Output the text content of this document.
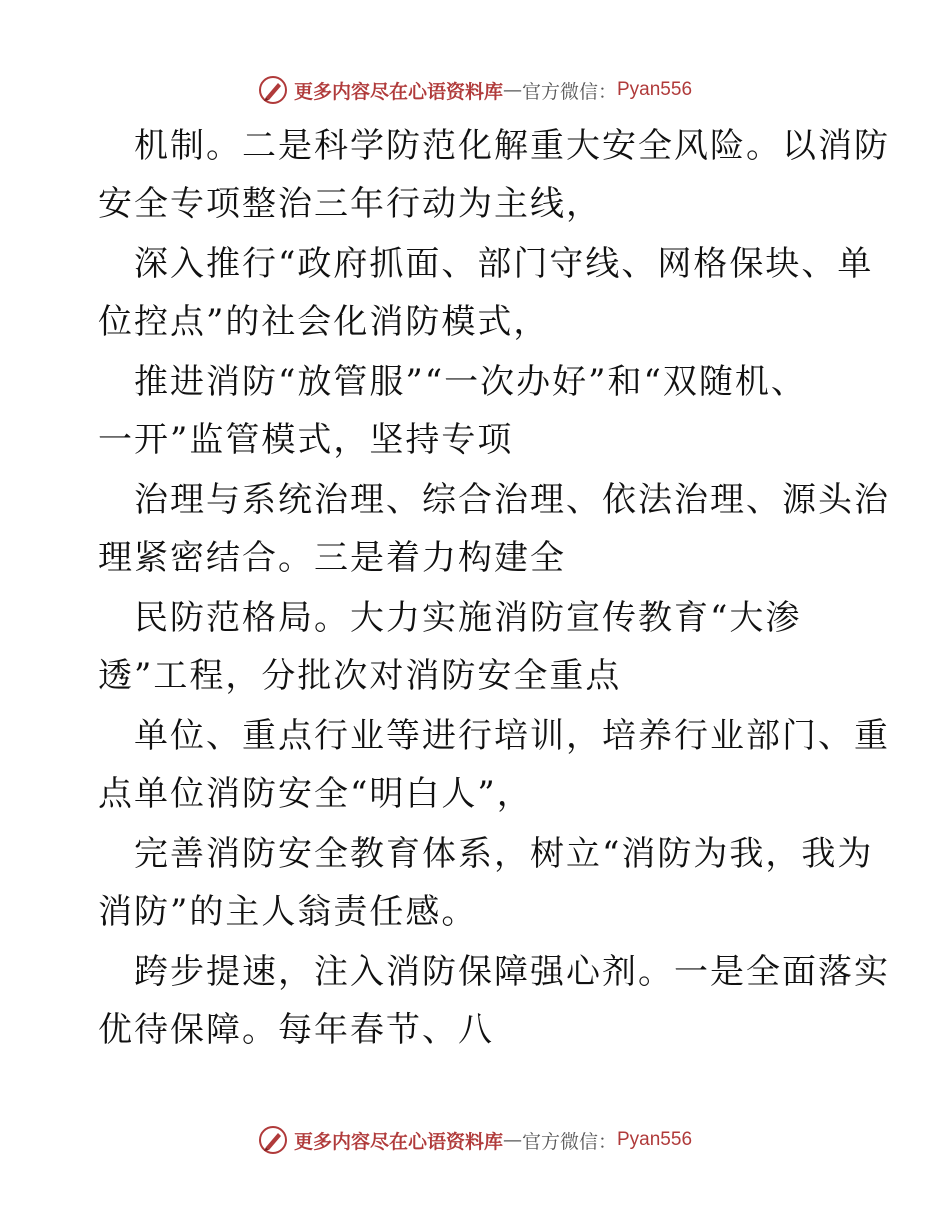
更多内容尽在心语资料库 — 官方微信： Pyan556
机制。二是科学防范化解重大安全风险。以消防
安全专项整治三年行动为主线，
深入推行“政府抓面、部门守线、网格保块、单
位控点”的社会化消防模式，
推进消防“放管服”“一次办好”和“双随机、
一开”监管模式，坚持专项
治理与系统治理、综合治理、依法治理、源头治
理紧密结合。三是着力构建全
民防范格局。大力实施消防宣传教育“大渗
透”工程，分批次对消防安全重点
单位、重点行业等进行培训，培养行业部门、重
点单位消防安全“明白人”，
完善消防安全教育体系，树立“消防为我，我为
消防”的主人翁责任感。
跨步提速，注入消防保障强心剂。一是全面落实
优待保障。每年春节、八
更多内容尽在心语资料库 — 官方微信： Pyan556
